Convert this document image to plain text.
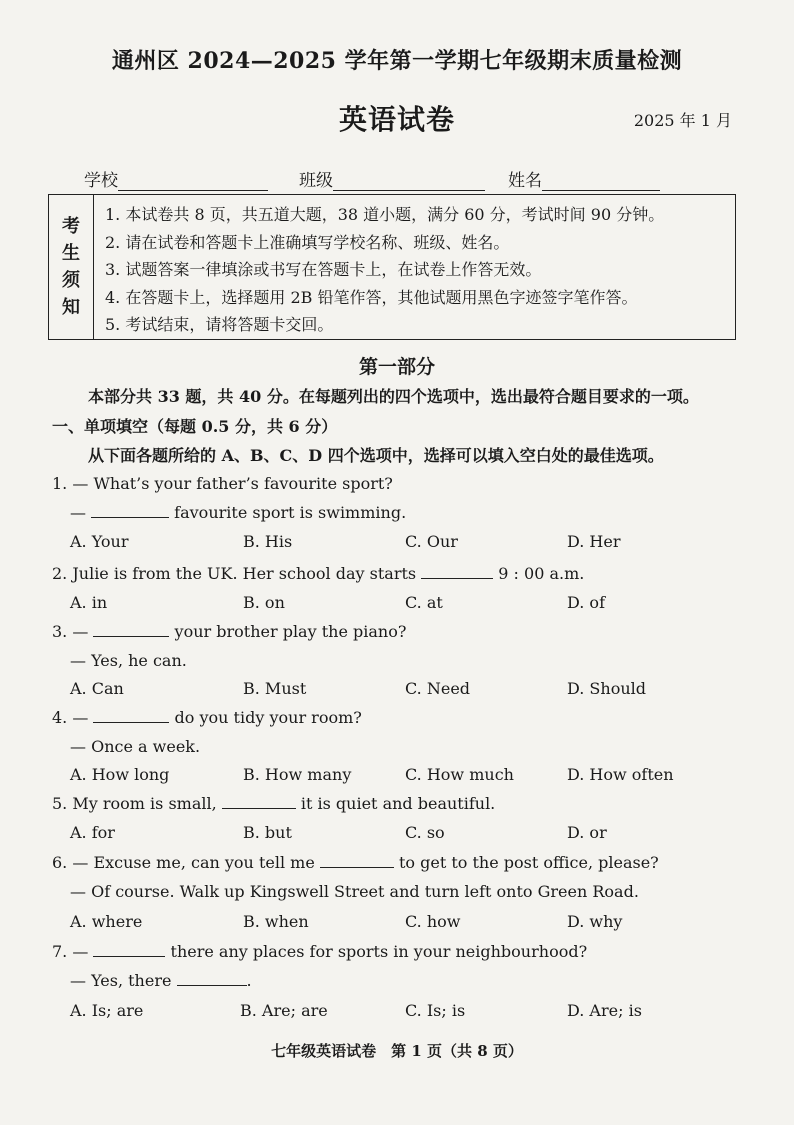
通州区 2024—2025 学年第一学期七年级期末质量检测
英语试卷	2025 年 1 月
学校	班级	姓名
考
生
须
知
1. 本试卷共 8 页，共五道大题，38 道小题，满分 60 分，考试时间 90 分钟。
2. 请在试卷和答题卡上准确填写学校名称、班级、姓名。
3. 试题答案一律填涂或书写在答题卡上，在试卷上作答无效。
4. 在答题卡上，选择题用 2B 铅笔作答，其他试题用黑色字迹签字笔作答。
5. 考试结束，请将答题卡交回。
第一部分
本部分共 33 题，共 40 分。在每题列出的四个选项中，选出最符合题目要求的一项。
一、单项填空（每题 0.5 分，共 6 分）
从下面各题所给的 A、B、C、D 四个选项中，选择可以填入空白处的最佳选项。
1. — What’s your father’s favourite sport?
—	favourite sport is swimming.
A. Your	B. His	C. Our	D. Her
2. Julie is from the UK. Her school day starts	9 : 00 a.m.
A. in	B. on	C. at	D. of
3. —	your brother play the piano?
— Yes, he can.
A. Can	B. Must	C. Need	D. Should
4. —	do you tidy your room?
— Once a week.
A. How long	B. How many	C. How much	D. How often
5. My room is small,	it is quiet and beautiful.
A. for	B. but	C. so	D. or
6. — Excuse me, can you tell me	to get to the post office, please?
— Of course. Walk up Kingswell Street and turn left onto Green Road.
A. where	B. when	C. how	D. why
7. —	there any places for sports in your neighbourhood?
— Yes, there	.
A. Is; are	B. Are; are	C. Is; is	D. Are; is
七年级英语试卷　第 1 页（共 8 页）
